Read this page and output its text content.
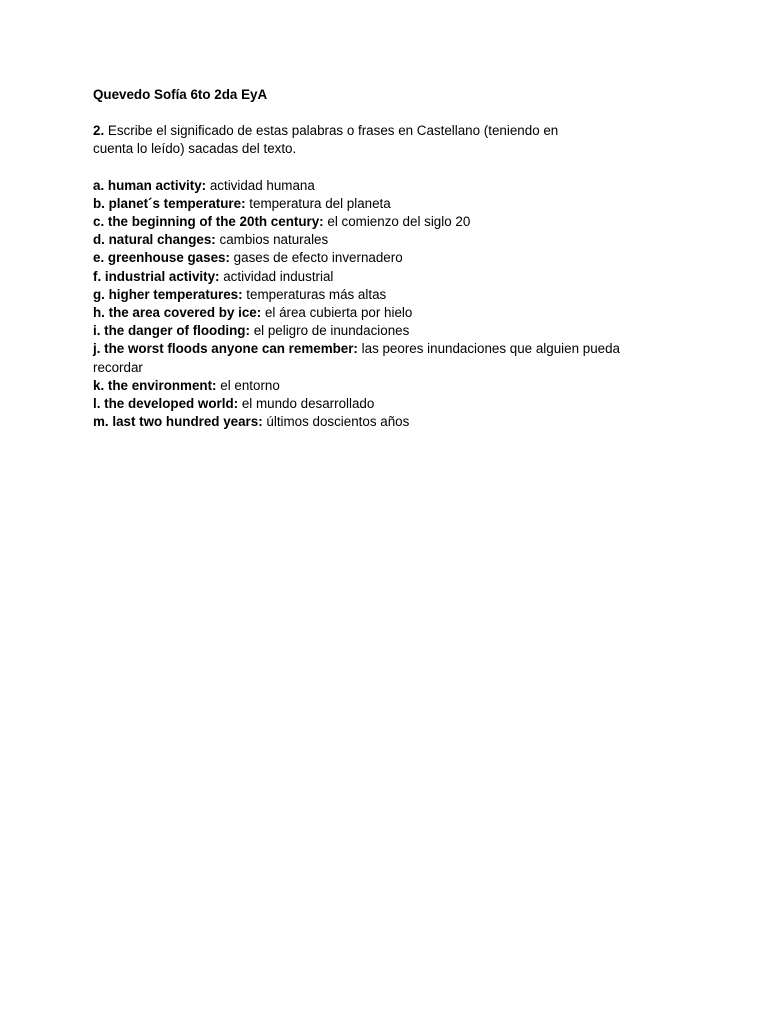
Quevedo Sofía 6to 2da EyA

2. Escribe el significado de estas palabras o frases en Castellano (teniendo en
cuenta lo leído) sacadas del texto.

a. human activity: actividad humana
b. planet´s temperature: temperatura del planeta
c. the beginning of the 20th century: el comienzo del siglo 20
d. natural changes: cambios naturales
e. greenhouse gases: gases de efecto invernadero
f. industrial activity: actividad industrial
g. higher temperatures: temperaturas más altas
h. the area covered by ice: el área cubierta por hielo
i. the danger of flooding: el peligro de inundaciones
j. the worst floods anyone can remember: las peores inundaciones que alguien pueda recordar
k. the environment: el entorno
l. the developed world: el mundo desarrollado
m. last two hundred years: últimos doscientos años
